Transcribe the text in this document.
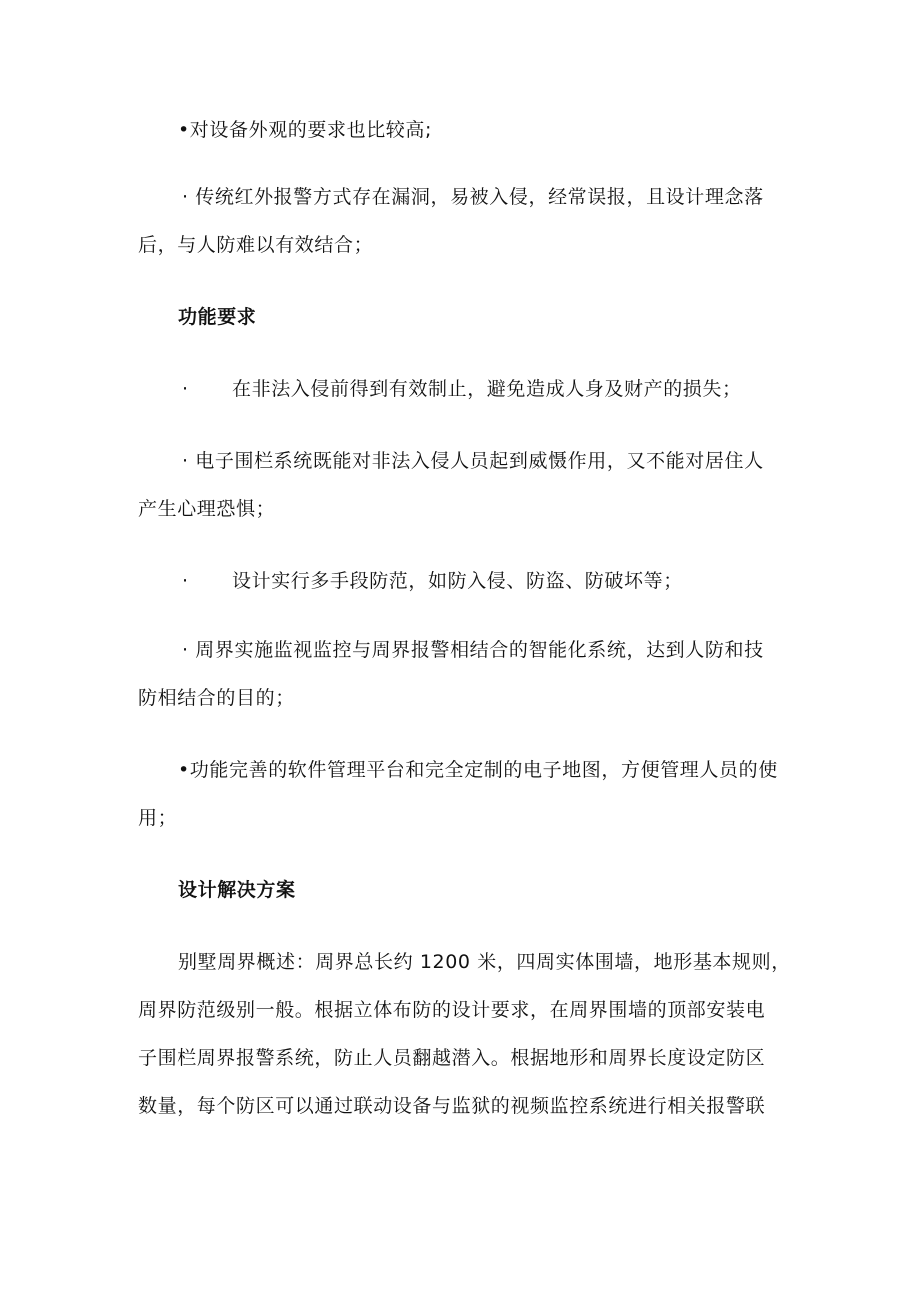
•对设备外观的要求也比较高;
· 传统红外报警方式存在漏洞，易被入侵，经常误报，且设计理念落
后，与人防难以有效结合；
功能要求
· 在非法入侵前得到有效制止，避免造成人身及财产的损失；
· 电子围栏系统既能对非法入侵人员起到威慑作用，又不能对居住人
产生心理恐惧；
· 设计实行多手段防范，如防入侵、防盗、防破坏等；
· 周界实施监视监控与周界报警相结合的智能化系统，达到人防和技
防相结合的目的；
•功能完善的软件管理平台和完全定制的电子地图，方便管理人员的使
用；
设计解决方案
别墅周界概述：周界总长约 1200 米，四周实体围墙，地形基本规则，
周界防范级别一般。根据立体布防的设计要求，在周界围墙的顶部安装电
子围栏周界报警系统，防止人员翻越潜入。根据地形和周界长度设定防区
数量，每个防区可以通过联动设备与监狱的视频监控系统进行相关报警联
